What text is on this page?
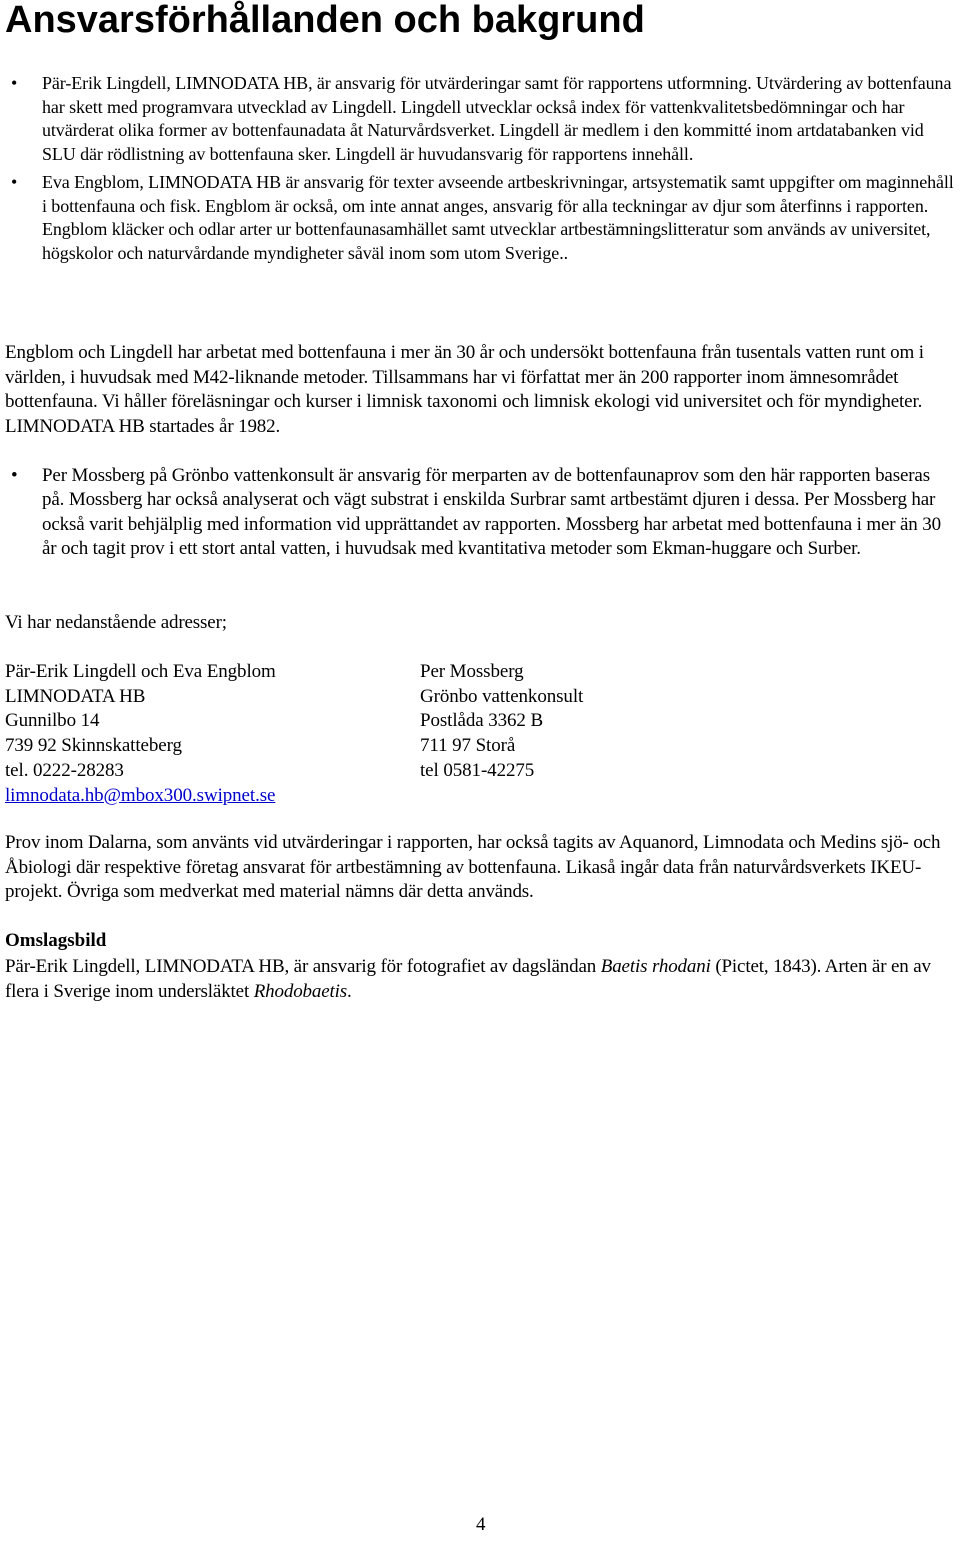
Ansvarsförhållanden och bakgrund
• Pär-Erik Lingdell, LIMNODATA HB, är ansvarig för utvärderingar samt för rapportens utformning. Utvärdering av bottenfauna har skett med programvara utvecklad av Lingdell. Lingdell utvecklar också index för vattenkvalitetsbedömningar och har utvärderat olika former av bottenfaunadata åt Naturvårdsverket. Lingdell är medlem i den kommitté inom artdatabanken vid SLU där rödlistning av bottenfauna sker. Lingdell är huvudansvarig för rapportens innehåll.
• Eva Engblom, LIMNODATA HB är ansvarig för texter avseende artbeskrivningar, artsystematik samt uppgifter om maginnehåll i bottenfauna och fisk. Engblom är också, om inte annat anges, ansvarig för alla teckningar av djur som återfinns i rapporten. Engblom kläcker och odlar arter ur bottenfaunasamhället samt utvecklar artbestämningslitteratur som används av universitet, högskolor och naturvårdande myndigheter såväl inom som utom Sverige..

Engblom och Lingdell har arbetat med bottenfauna i mer än 30 år och undersökt bottenfauna från tusentals vatten runt om i världen, i huvudsak med M42-liknande metoder. Tillsammans har vi författat mer än 200 rapporter inom ämnesområdet bottenfauna. Vi håller föreläsningar och kurser i limnisk taxonomi och limnisk ekologi vid universitet och för myndigheter. LIMNODATA HB startades år 1982.

• Per Mossberg på Grönbo vattenkonsult är ansvarig för merparten av de bottenfaunaprov som den här rapporten baseras på. Mossberg har också analyserat och vägt substrat i enskilda Surbrar samt artbestämt djuren i dessa. Per Mossberg har också varit behjälplig med information vid upprättandet av rapporten. Mossberg har arbetat med bottenfauna i mer än 30 år och tagit prov i ett stort antal vatten, i huvudsak med kvantitativa metoder som Ekman-huggare och Surber.

Vi har nedanstående adresser;

Pär-Erik Lingdell och Eva Engblom
LIMNODATA HB
Gunnilbo 14
739 92 Skinnskatteberg
tel. 0222-28283
limnodata.hb@mbox300.swipnet.se
Per Mossberg
Grönbo vattenkonsult
Postlåda 3362 B
711 97 Storå
tel 0581-42275

Prov inom Dalarna, som använts vid utvärderingar i rapporten, har också tagits av Aquanord, Limnodata och Medins sjö- och Åbiologi där respektive företag ansvarat för artbestämning av bottenfauna. Likaså ingår data från naturvårdsverkets IKEU-projekt. Övriga som medverkat med material nämns där detta används.

Omslagsbild

Pär-Erik Lingdell, LIMNODATA HB, är ansvarig för fotografiet av dagsländan Baetis rhodani (Pictet, 1843). Arten är en av flera i Sverige inom undersläktet Rhodobaetis.

4
